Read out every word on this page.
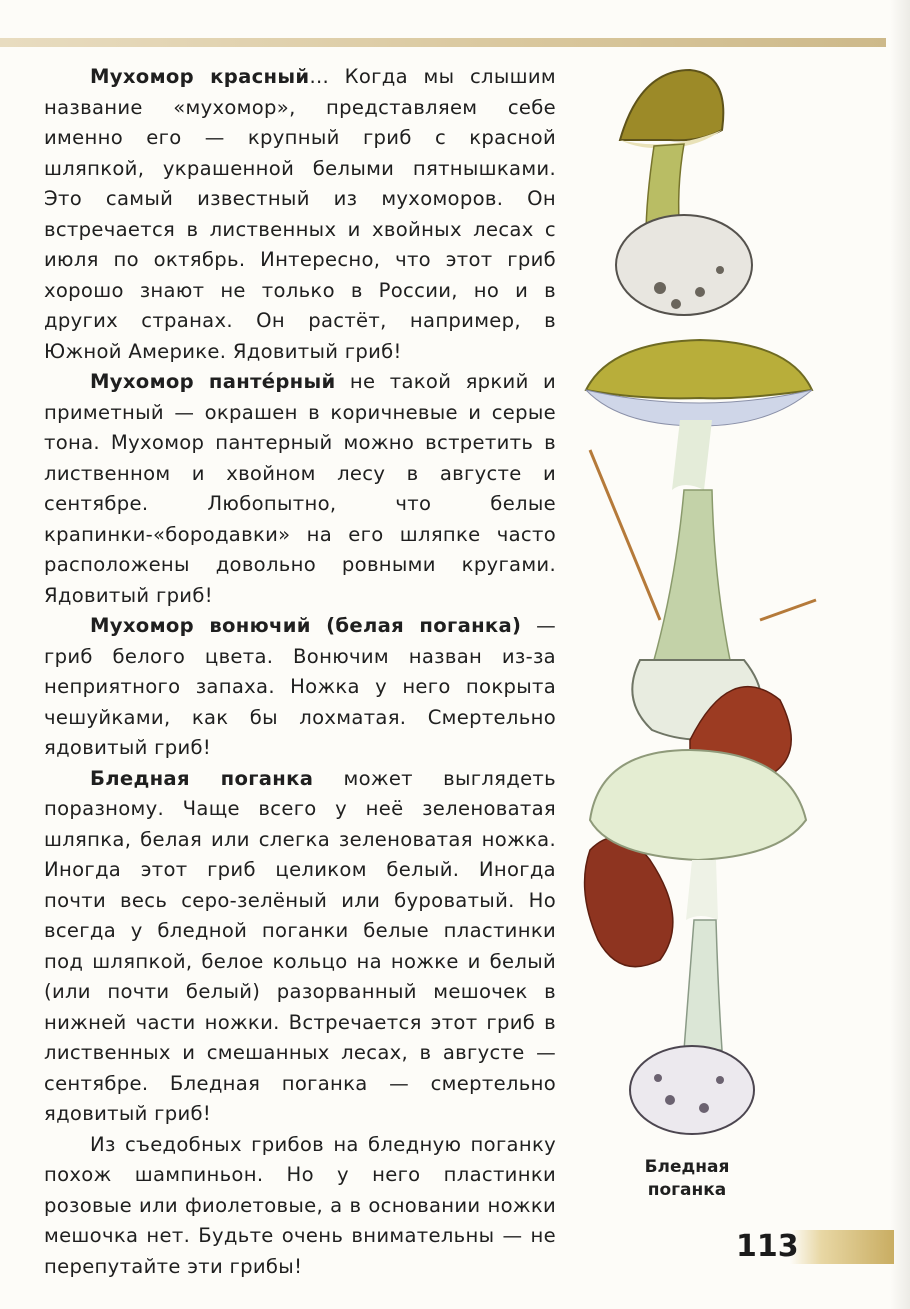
Мухомор красный... Когда мы слышим название «мухомор», представляем себе именно его — крупный гриб с красной шляпкой, украшенной белыми пятнышками. Это самый известный из мухоморов. Он встречается в лиственных и хвойных лесах с июля по октябрь. Интересно, что этот гриб хорошо знают не только в России, но и в других странах. Он растёт, например, в Южной Америке. Ядовитый гриб!

Мухомор пантéрный не такой яркий и приметный — окрашен в коричневые и серые тона. Мухомор пантерный можно встретить в лиственном и хвойном лесу в августе и сентябре. Любопытно, что белые крапинки-«бородавки» на его шляпке часто расположены довольно ровными кругами. Ядовитый гриб!

Мухомор вонючий (белая поганка) — гриб белого цвета. Вонючим назван из-за неприятного запаха. Ножка у него покрыта чешуйками, как бы лохматая. Смертельно ядовитый гриб!

Бледная поганка может выглядеть поразному. Чаще всего у неё зеленоватая шляпка, белая или слегка зеленоватая ножка. Иногда этот гриб целиком белый. Иногда почти весь серо-зелёный или буроватый. Но всегда у бледной поганки белые пластинки под шляпкой, белое кольцо на ножке и белый (или почти белый) разорванный мешочек в нижней части ножки. Встречается этот гриб в лиственных и смешанных лесах, в августе — сентябре. Бледная поганка — смертельно ядовитый гриб!

Из съедобных грибов на бледную поганку похож шампиньон. Но у него пластинки розовые или фиолетовые, а в основании ножки мешочка нет. Будьте очень внимательны — не перепутайте эти грибы!

Бледная
поганка
113
